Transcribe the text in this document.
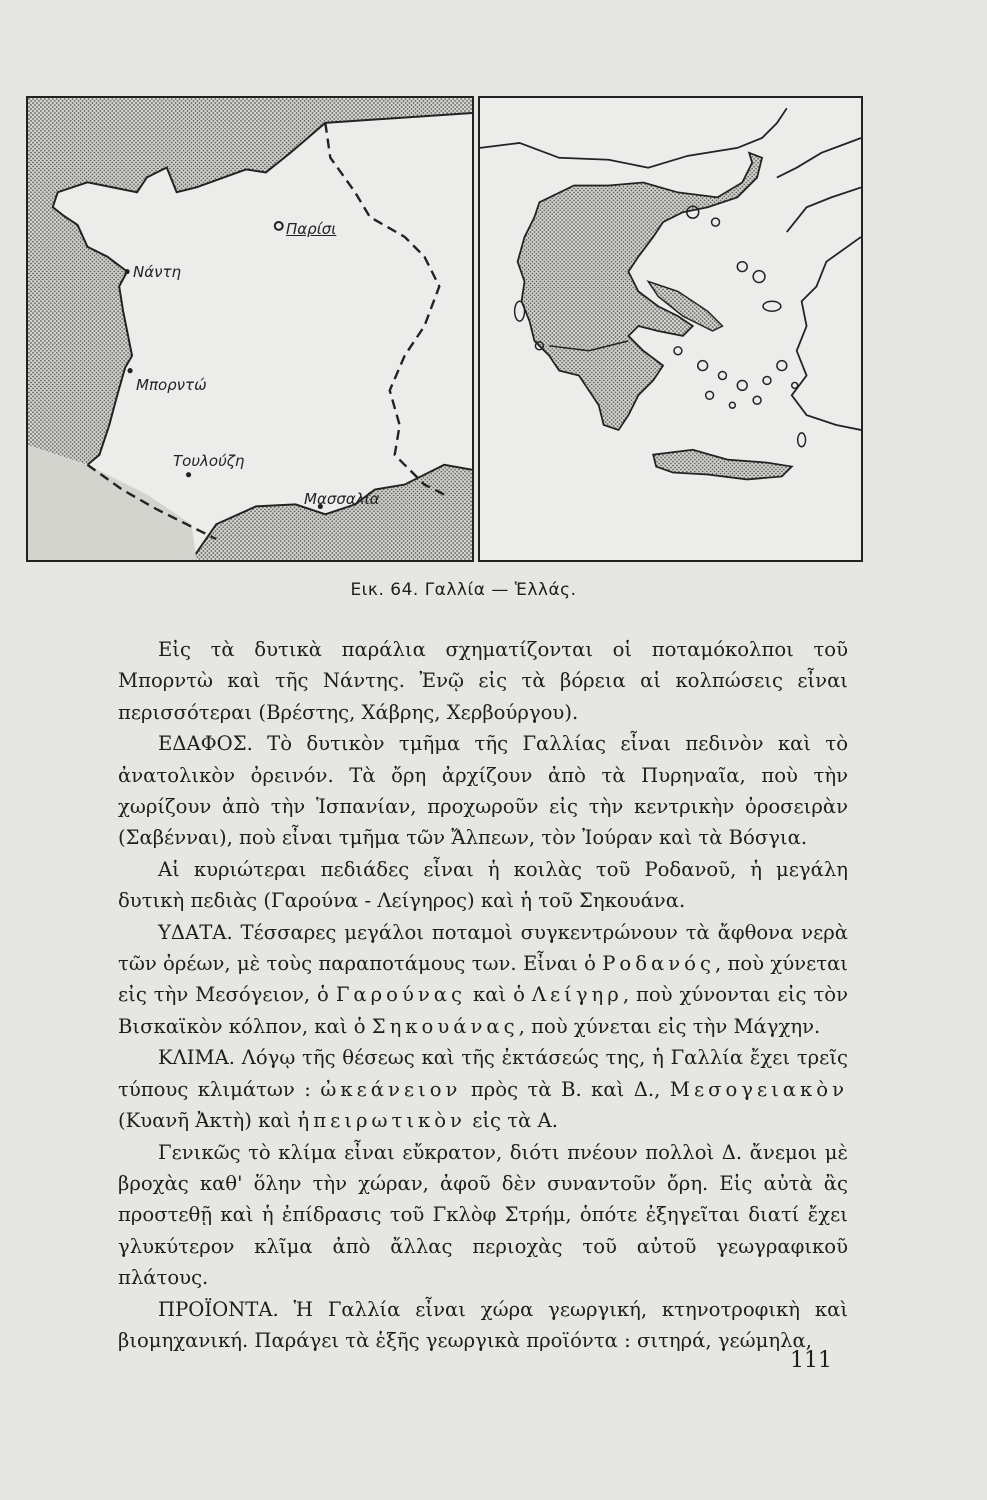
Παρίσι
Νάντη
Μπορντώ
Τουλούζη
Μασσαλία
Εικ. 64. Γαλλία — Ἑλλάς.

Εἰς τὰ δυτικὰ παράλια σχηματίζονται οἱ ποταμόκολποι τοῦ Μπορντὼ καὶ τῆς Νάντης. Ἐνῷ εἰς τὰ βόρεια αἱ κολπώσεις εἶναι περισσότεραι (Βρέστης, Χάβρης, Χερβούργου).

ΕΔΑΦΟΣ. Τὸ δυτικὸν τμῆμα τῆς Γαλλίας εἶναι πεδινὸν καὶ τὸ ἀνατολικὸν ὀρεινόν. Τὰ ὄρη ἀρχίζουν ἀπὸ τὰ Πυρηναῖα, ποὺ τὴν χωρίζουν ἀπὸ τὴν Ἱσπανίαν, προχωροῦν εἰς τὴν κεντρικὴν ὀροσειρὰν (Σαβένναι), ποὺ εἶναι τμῆμα τῶν Ἄλπεων, τὸν Ἰούραν καὶ τὰ Βόσγια.

Αἱ κυριώτεραι πεδιάδες εἶναι ἡ κοιλὰς τοῦ Ροδανοῦ, ἡ μεγάλη δυτικὴ πεδιὰς (Γαρούνα - Λείγηρος) καὶ ἡ τοῦ Σηκουάνα.

ΥΔΑΤΑ. Τέσσαρες μεγάλοι ποταμοὶ συγκεντρώνουν τὰ ἄφθονα νερὰ τῶν ὀρέων, μὲ τοὺς παραποτάμους των. Εἶναι ὁ Ροδανός, ποὺ χύνεται εἰς τὴν Μεσόγειον, ὁ Γαρούνας καὶ ὁ Λείγηρ, ποὺ χύνονται εἰς τὸν Βισκαϊκὸν κόλπον, καὶ ὁ Σηκουάνας, ποὺ χύνεται εἰς τὴν Μάγχην.

ΚΛΙΜΑ. Λόγῳ τῆς θέσεως καὶ τῆς ἐκτάσεώς της, ἡ Γαλλία ἔχει τρεῖς τύπους κλιμάτων : ὠκεάνειον πρὸς τὰ Β. καὶ Δ., Μεσογειακὸν (Κυανῆ Ἀκτὴ) καὶ ἠπειρωτικὸν εἰς τὰ Α.

Γενικῶς τὸ κλίμα εἶναι εὔκρατον, διότι πνέουν πολλοὶ Δ. ἄνεμοι μὲ βροχὰς καθ' ὅλην τὴν χώραν, ἀφοῦ δὲν συναντοῦν ὄρη. Εἰς αὐτὰ ἂς προστεθῇ καὶ ἡ ἐπίδρασις τοῦ Γκλὸφ Στρήμ, ὁπότε ἐξηγεῖται διατί ἔχει γλυκύτερον κλῖμα ἀπὸ ἄλλας περιοχὰς τοῦ αὐτοῦ γεωγραφικοῦ πλάτους.

ΠΡΟΪΟΝΤΑ. Ἡ Γαλλία εἶναι χώρα γεωργική, κτηνοτροφικὴ καὶ βιομηχανική. Παράγει τὰ ἑξῆς γεωργικὰ προϊόντα : σιτηρά, γεώμηλα,

111
